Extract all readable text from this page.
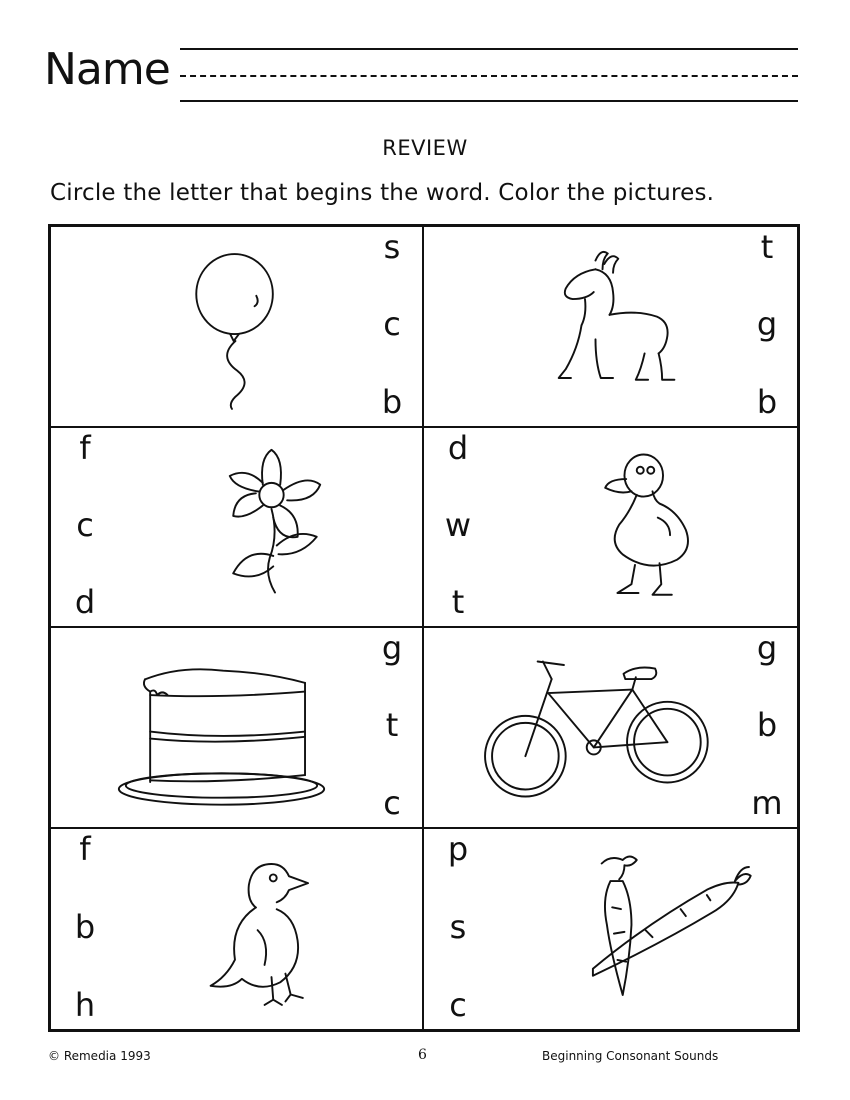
Name
REVIEW
Circle the letter that begins the word. Color the pictures.
s
c
b
t
g
b
f
c
d
d
w
t
g
t
c
g
b
m
f
b
h
p
s
c
© Remedia 1993	6	Beginning Consonant Sounds
